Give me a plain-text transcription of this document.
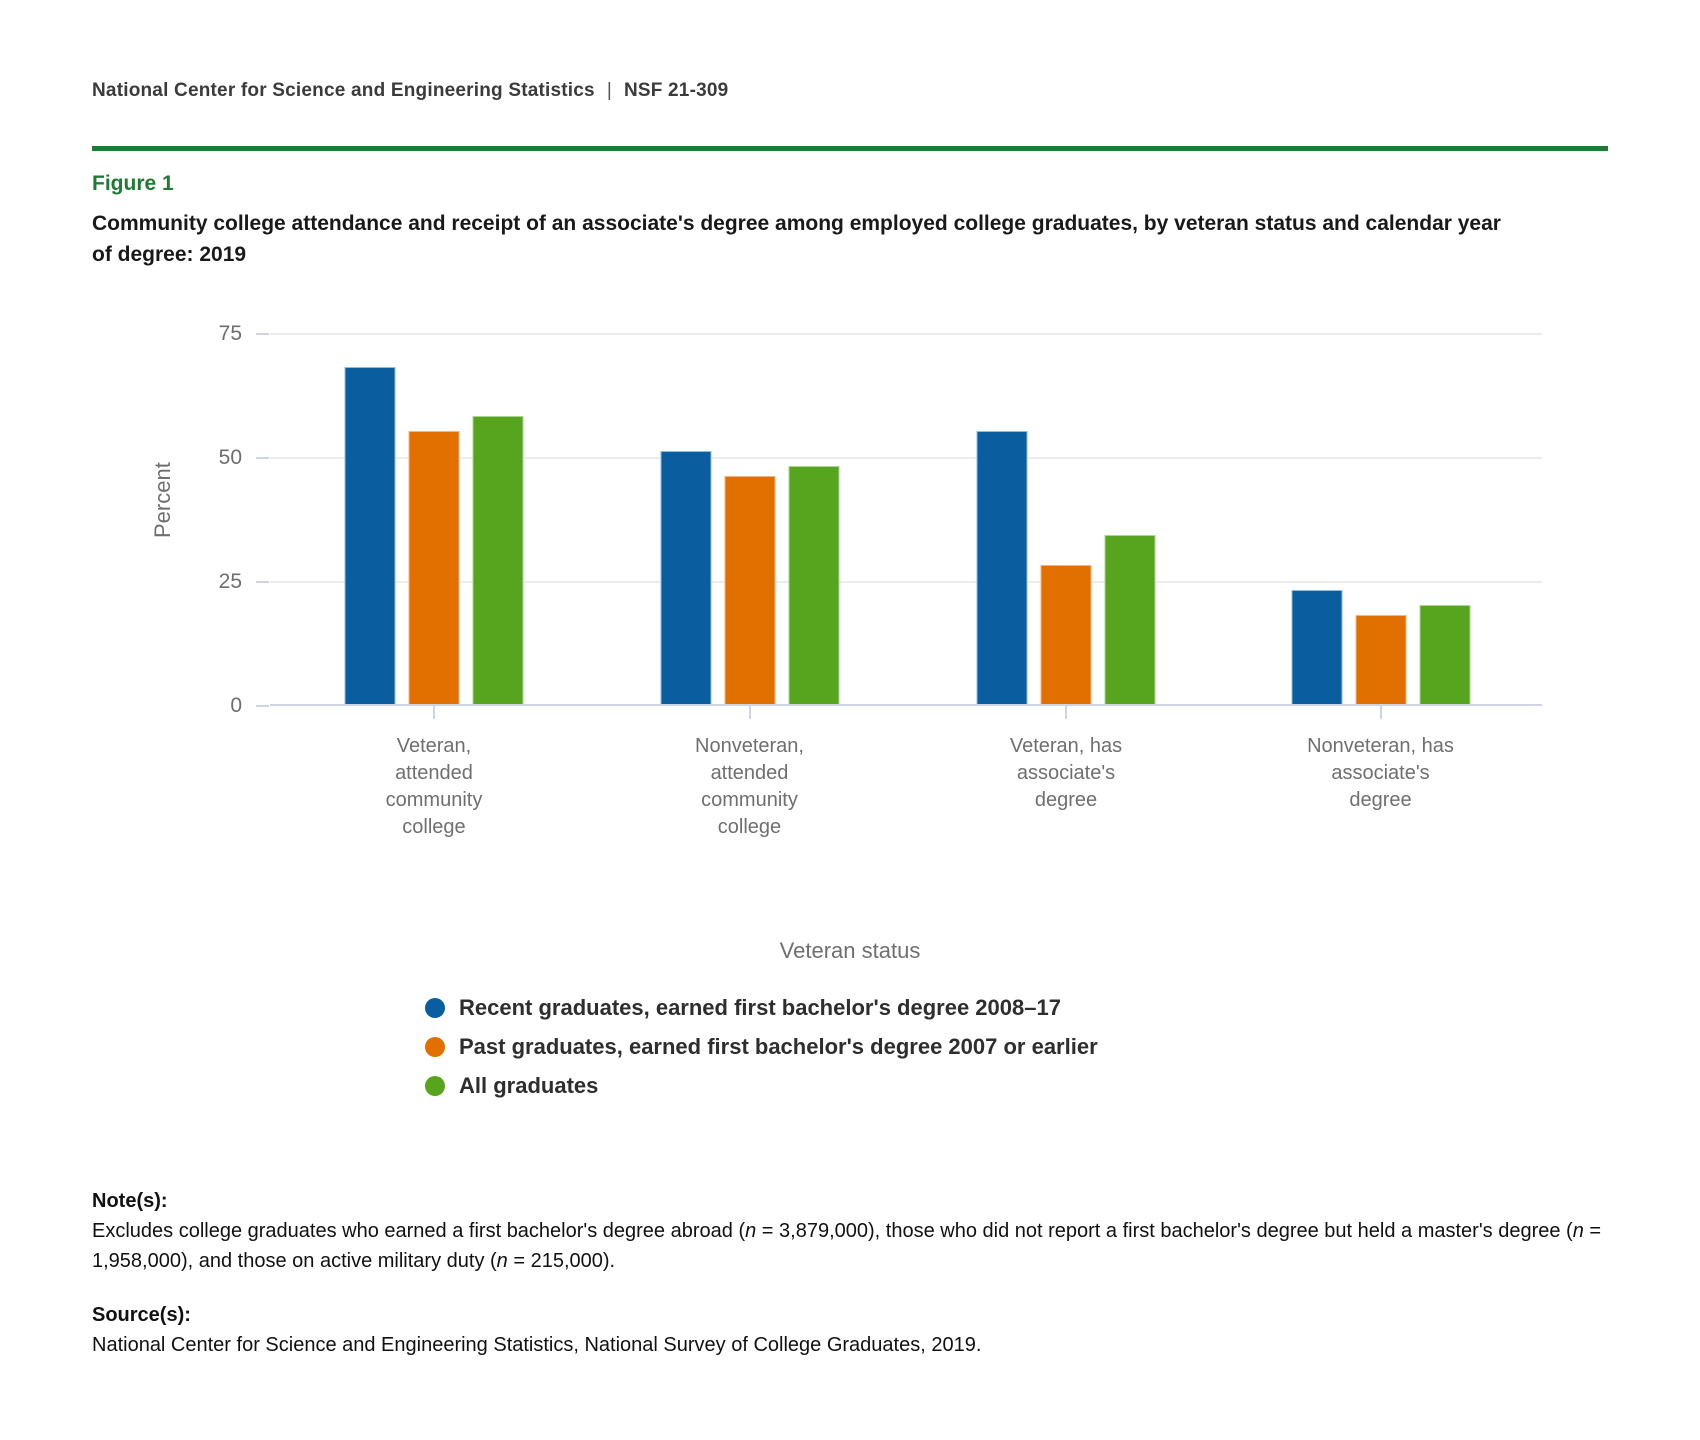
National Center for Science and Engineering Statistics | NSF 21-309
Figure 1
Community college attendance and receipt of an associate's degree among employed college graduates, by veteran status and calendar year of degree: 2019
Percent
Veteran status
Recent graduates, earned first bachelor's degree 2008–17
Past graduates, earned first bachelor's degree 2007 or earlier
All graduates
0
25
50
75
Veteran, attended community college
Nonveteran, attended community college
Veteran, has associate's degree
Nonveteran, has associate's degree
Note(s):
Excludes college graduates who earned a first bachelor's degree abroad (n = 3,879,000), those who did not report a first bachelor's degree but held a master's degree (n = 1,958,000), and those on active military duty (n = 215,000).
Source(s):
National Center for Science and Engineering Statistics, National Survey of College Graduates, 2019.
